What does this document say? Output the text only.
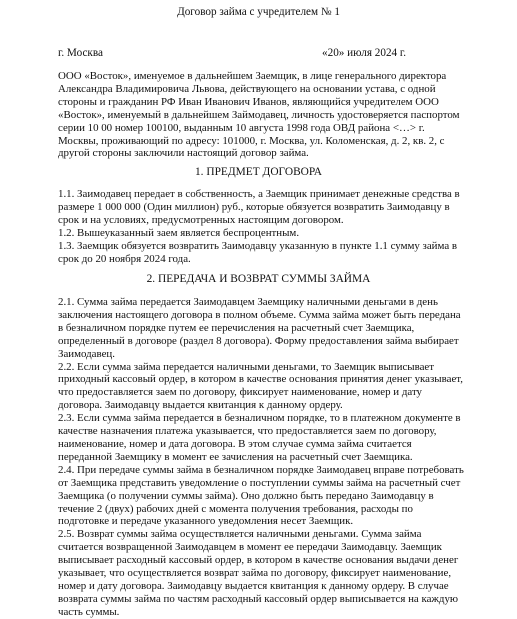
Договор займа с учредителем № 1
г. Москва	«20» июля 2024 г.
ООО «Восток», именуемое в дальнейшем Заемщик, в лице генерального директора
Александра Владимировича Львова, действующего на основании устава, с одной
стороны и гражданин РФ Иван Иванович Иванов, являющийся учредителем ООО
«Восток», именуемый в дальнейшем Займодавец, личность удостоверяется паспортом
серии 10 00 номер 100100, выданным 10 августа 1998 года ОВД района <…> г.
Москвы, проживающий по адресу: 101000, г. Москва, ул. Коломенская, д. 2, кв. 2, с
другой стороны заключили настоящий договор займа.
1. ПРЕДМЕТ ДОГОВОРА
1.1. Заимодавец передает в собственность, а Заемщик принимает денежные средства в
размере 1 000 000 (Один миллион) руб., которые обязуется возвратить Заимодавцу в
срок и на условиях, предусмотренных настоящим договором.
1.2. Вышеуказанный заем является беспроцентным.
1.3. Заемщик обязуется возвратить Заимодавцу указанную в пункте 1.1 сумму займа в
срок до 20 ноября 2024 года.
2. ПЕРЕДАЧА И ВОЗВРАТ СУММЫ ЗАЙМА
2.1. Сумма займа передается Заимодавцем Заемщику наличными деньгами в день
заключения настоящего договора в полном объеме. Сумма займа может быть передана
в безналичном порядке путем ее перечисления на расчетный счет Заемщика,
определенный в договоре (раздел 8 договора). Форму предоставления займа выбирает
Заимодавец.
2.2. Если сумма займа передается наличными деньгами, то Заемщик выписывает
приходный кассовый ордер, в котором в качестве основания принятия денег указывает,
что предоставляется заем по договору, фиксирует наименование, номер и дату
договора. Заимодавцу выдается квитанция к данному ордеру.
2.3. Если сумма займа передается в безналичном порядке, то в платежном документе в
качестве назначения платежа указывается, что предоставляется заем по договору,
наименование, номер и дата договора. В этом случае сумма займа считается
переданной Заемщику в момент ее зачисления на расчетный счет Заемщика.
2.4. При передаче суммы займа в безналичном порядке Заимодавец вправе потребовать
от Заемщика представить уведомление о поступлении суммы займа на расчетный счет
Заемщика (о получении суммы займа). Оно должно быть передано Заимодавцу в
течение 2 (двух) рабочих дней с момента получения требования, расходы по
подготовке и передаче указанного уведомления несет Заемщик.
2.5. Возврат суммы займа осуществляется наличными деньгами. Сумма займа
считается возвращенной Заимодавцем в момент ее передачи Заимодавцу. Заемщик
выписывает расходный кассовый ордер, в котором в качестве основания выдачи денег
указывает, что осуществляется возврат займа по договору, фиксирует наименование,
номер и дату договора. Заимодавцу выдается квитанция к данному ордеру. В случае
возврата суммы займа по частям расходный кассовый ордер выписывается на каждую
часть суммы.
